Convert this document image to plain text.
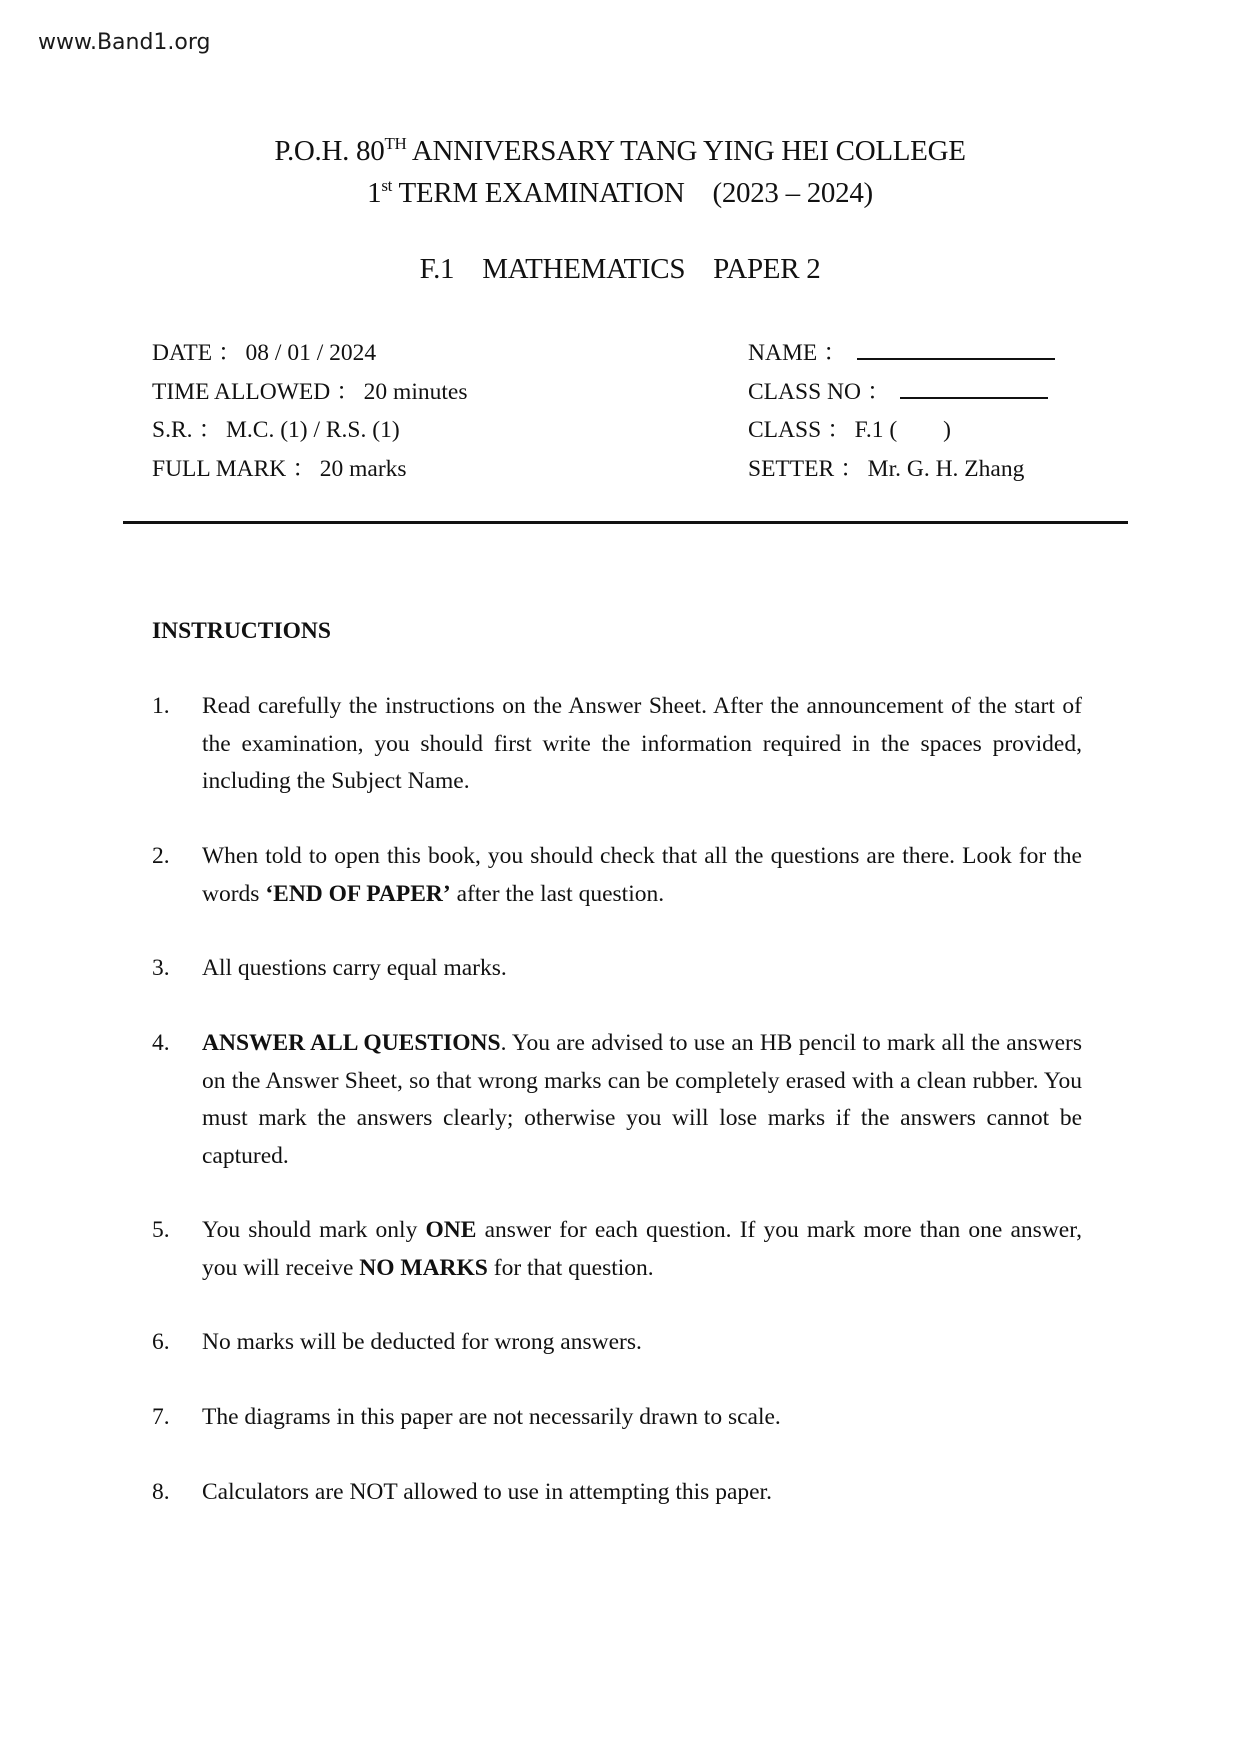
www.Band1.org
P.O.H. 80TH ANNIVERSARY TANG YING HEI COLLEGE
1st TERM EXAMINATION (2023 – 2024)
F.1 MATHEMATICS PAPER 2
DATE ： 08 / 01 / 2024
TIME ALLOWED ： 20 minutes
S.R. ： M.C. (1) / R.S. (1)
FULL MARK ： 20 marks
NAME ：
CLASS NO ：
CLASS ： F.1 ( )
SETTER ： Mr. G. H. Zhang
INSTRUCTIONS
1. Read carefully the instructions on the Answer Sheet. After the announcement of the start of the examination, you should first write the information required in the spaces provided, including the Subject Name.
2. When told to open this book, you should check that all the questions are there. Look for the words ‘END OF PAPER’ after the last question.
3. All questions carry equal marks.
4. ANSWER ALL QUESTIONS. You are advised to use an HB pencil to mark all the answers on the Answer Sheet, so that wrong marks can be completely erased with a clean rubber. You must mark the answers clearly; otherwise you will lose marks if the answers cannot be captured.
5. You should mark only ONE answer for each question. If you mark more than one answer, you will receive NO MARKS for that question.
6. No marks will be deducted for wrong answers.
7. The diagrams in this paper are not necessarily drawn to scale.
8. Calculators are NOT allowed to use in attempting this paper.
